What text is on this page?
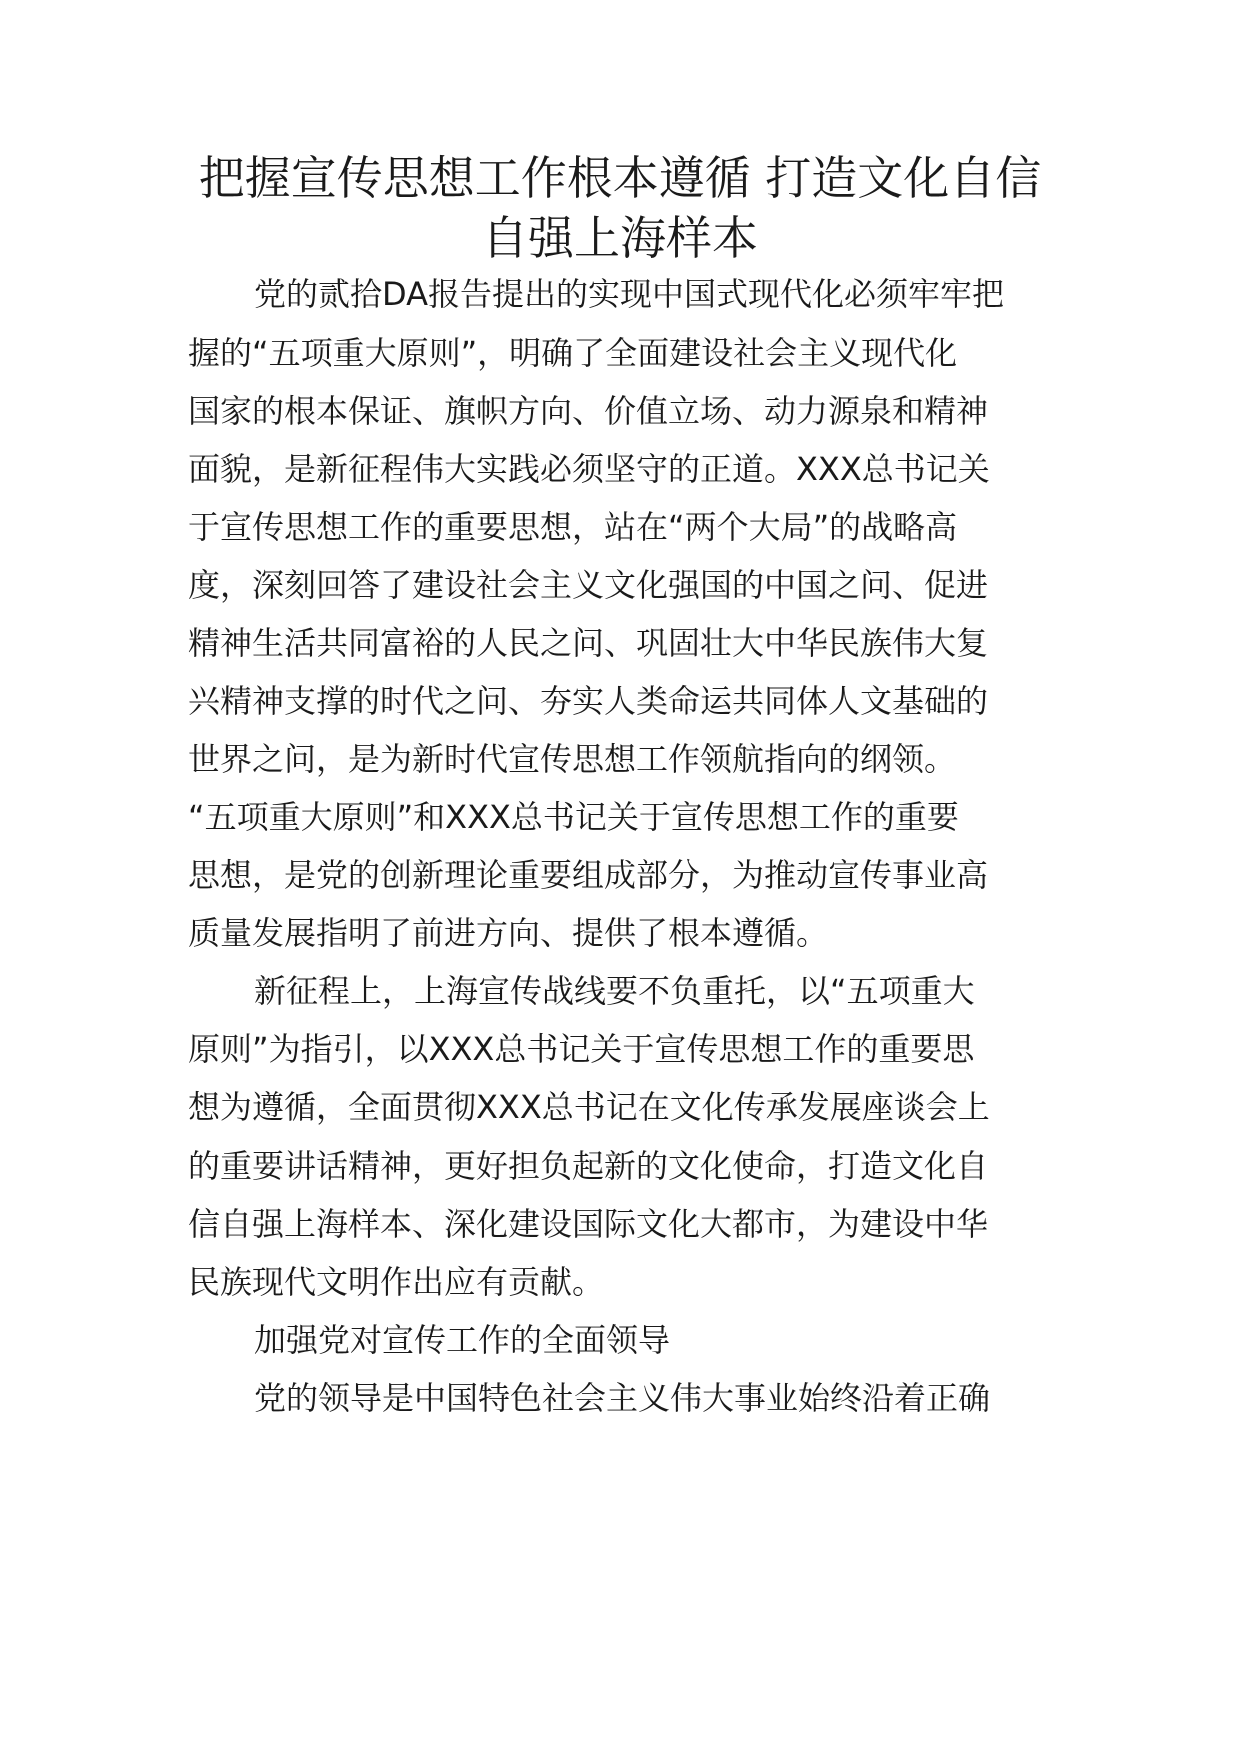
把握宣传思想工作根本遵循 打造文化自信
自强上海样本

党的贰拾DA报告提出的实现中国式现代化必须牢牢把

握的“五项重大原则”，明确了全面建设社会主义现代化

国家的根本保证、旗帜方向、价值立场、动力源泉和精神

面貌，是新征程伟大实践必须坚守的正道。XXX总书记关

于宣传思想工作的重要思想，站在“两个大局”的战略高

度，深刻回答了建设社会主义文化强国的中国之问、促进

精神生活共同富裕的人民之问、巩固壮大中华民族伟大复

兴精神支撑的时代之问、夯实人类命运共同体人文基础的

世界之问，是为新时代宣传思想工作领航指向的纲领。

“五项重大原则”和XXX总书记关于宣传思想工作的重要

思想，是党的创新理论重要组成部分，为推动宣传事业高

质量发展指明了前进方向、提供了根本遵循。

新征程上，上海宣传战线要不负重托，以“五项重大

原则”为指引，以XXX总书记关于宣传思想工作的重要思

想为遵循，全面贯彻XXX总书记在文化传承发展座谈会上

的重要讲话精神，更好担负起新的文化使命，打造文化自

信自强上海样本、深化建设国际文化大都市，为建设中华

民族现代文明作出应有贡献。

加强党对宣传工作的全面领导

党的领导是中国特色社会主义伟大事业始终沿着正确
